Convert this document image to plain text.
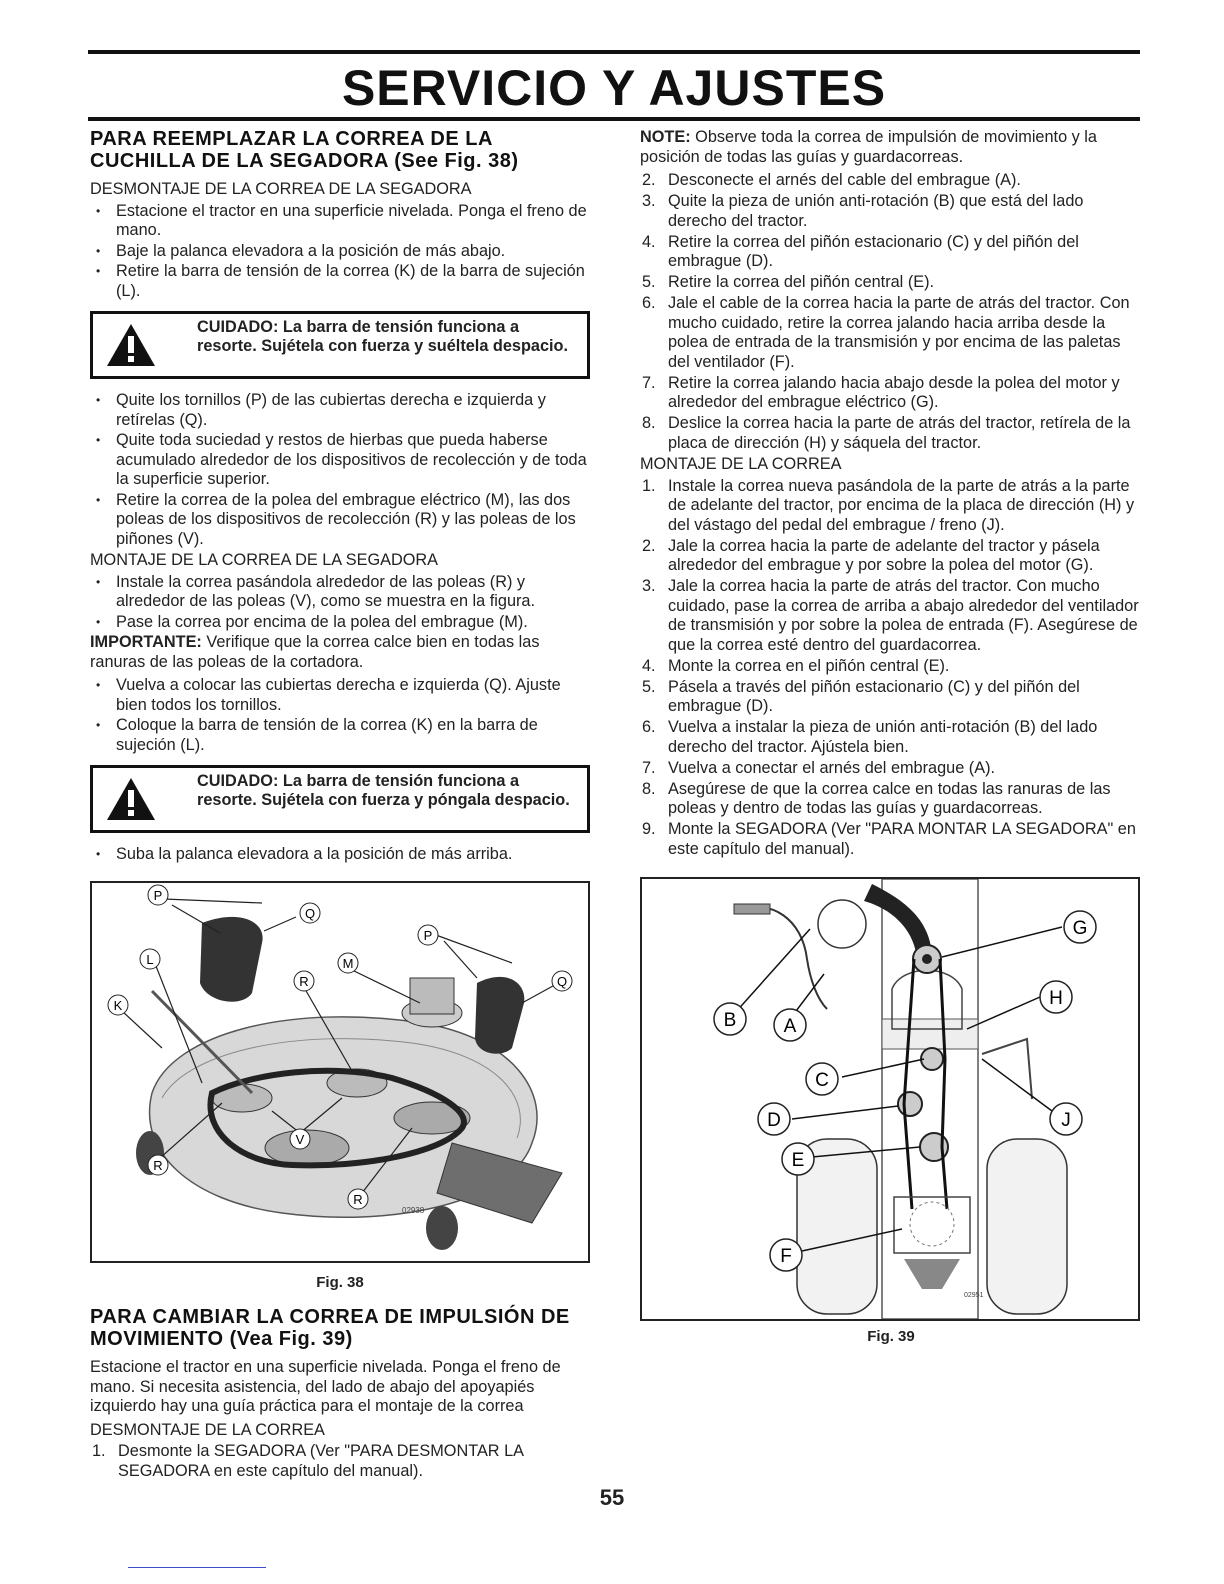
SERVICIO Y AJUSTES
PARA REEMPLAZAR LA CORREA DE LA CUCHILLA DE LA SEGADORA (See Fig. 38)

DESMONTAJE DE LA CORREA DE LA SEGADORA

• Estacione el tractor en una superficie nivelada. Ponga el freno de mano.
• Baje la palanca elevadora a la posición de más abajo.
• Retire la barra de tensión de la correa (K) de la barra de sujeción (L).
CUIDADO: La barra de tensión funciona a resorte. Sujétela con fuerza y suéltela despacio.
• Quite los tornillos (P) de las cubiertas derecha e izquierda y retírelas (Q).
• Quite toda suciedad y restos de hierbas que pueda haberse acumulado alrededor de los dispositivos de recolección y de toda la superficie superior.
• Retire la correa de la polea del embrague eléctrico (M), las dos poleas de los dispositivos de recolección (R) y las poleas de los piñones (V).

MONTAJE DE LA CORREA DE LA SEGADORA

• Instale la correa pasándola alrededor de las poleas (R) y alrededor de las poleas (V), como se muestra en la figura.
• Pase la correa por encima de la polea del embrague (M).

IMPORTANTE: Verifique que la correa calce bien en todas las ranuras de las poleas de la cortadora.

• Vuelva a colocar las cubiertas derecha e izquierda (Q). Ajuste bien todos los tornillos.
• Coloque la barra de tensión de la correa (K) en la barra de sujeción (L).
CUIDADO: La barra de tensión funciona a resorte. Sujétela con fuerza y póngala despacio.
• Suba la palanca elevadora a la posición de más arriba.
P
Q
L	M
P
R	Q
K
V
R
R
02938
Fig. 38
PARA CAMBIAR LA CORREA DE IMPULSIÓN DE MOVIMIENTO (Vea Fig. 39)

Estacione el tractor en una superficie nivelada. Ponga el freno de mano. Si necesita asistencia, del lado de abajo del apoyapiés izquierdo hay una guía práctica para el montaje de la correa

DESMONTAJE DE LA CORREA

1. Desmonte la SEGADORA (Ver "PARA DESMONTAR LA SEGADORA en este capítulo del manual).

NOTE: Observe toda la correa de impulsión de movimiento y la posición de todas las guías y guardacorreas.

2. Desconecte el arnés del cable del embrague (A).
3. Quite la pieza de unión anti-rotación (B) que está del lado derecho del tractor.
4. Retire la correa del piñón estacionario (C) y del piñón del embrague (D).
5. Retire la correa del piñón central (E).
6. Jale el cable de la correa hacia la parte de atrás del tractor. Con mucho cuidado, retire la correa jalando hacia arriba desde la polea de entrada de la transmisión y por encima de las paletas del ventilador (F).
7. Retire la correa jalando hacia abajo desde la polea del motor y alrededor del embrague eléctrico (G).
8. Deslice la correa hacia la parte de atrás del tractor, retírela de la placa de dirección (H) y sáquela del tractor.

MONTAJE DE LA CORREA

1. Instale la correa nueva pasándola de la parte de atrás a la parte de adelante del tractor, por encima de la placa de dirección (H) y del vástago del pedal del embrague / freno (J).
2. Jale la correa hacia la parte de adelante del tractor y pásela alrededor del embrague y por sobre la polea del motor (G).
3. Jale la correa hacia la parte de atrás del tractor. Con mucho cuidado, pase la correa de arriba a abajo alrededor del ventilador de transmisión y por sobre la polea de entrada (F). Asegúrese de que la correa esté dentro del guardacorrea.
4. Monte la correa en el piñón central (E).
5. Pásela a través del piñón estacionario (C) y del piñón del embrague (D).
6. Vuelva a instalar la pieza de unión anti-rotación (B) del lado derecho del tractor. Ajústela bien.
7. Vuelva a conectar el arnés del embrague (A).
8. Asegúrese de que la correa calce en todas las ranuras de las poleas y dentro de todas las guías y guardacorreas.
9. Monte la SEGADORA (Ver "PARA MONTAR LA SEGADORA" en este capítulo del manual).
G
B A
H
C
D	J
E
F
02951
Fig. 39
55
